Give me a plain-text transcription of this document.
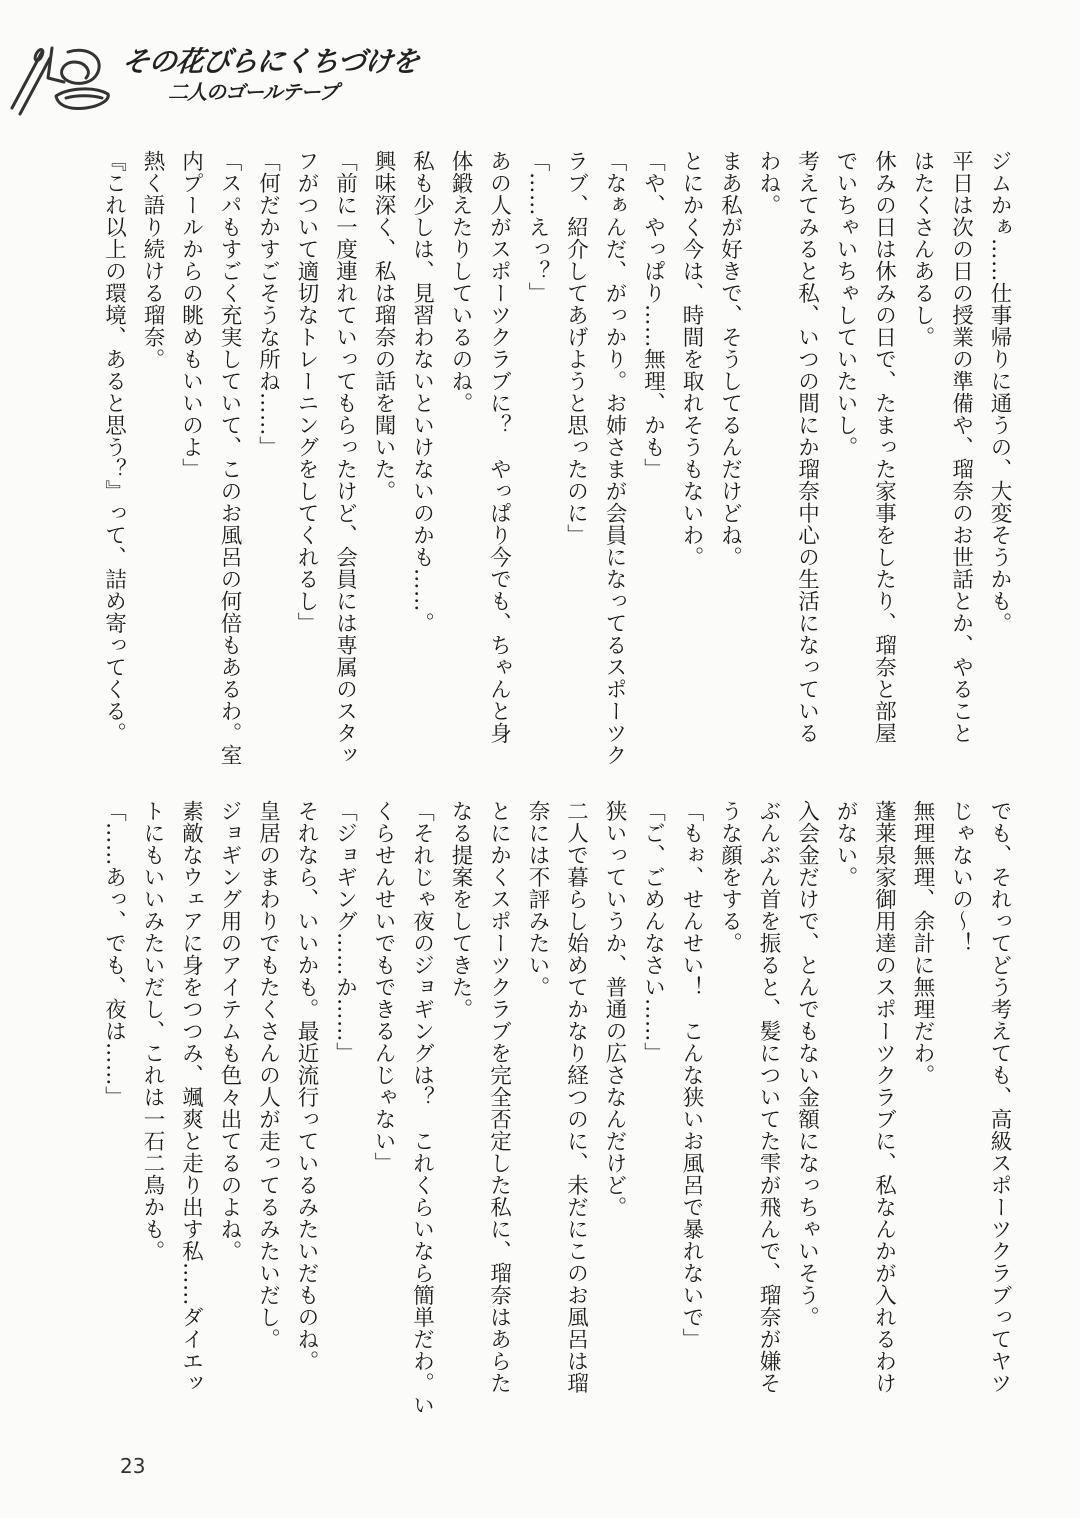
その花びらにくちづけを
二人のゴールテープ
ジムかぁ……仕事帰りに通うの、大変そうかも。
平日は次の日の授業の準備や、瑠奈のお世話とか、やること
はたくさんあるし。
休みの日は休みの日で、たまった家事をしたり、瑠奈と部屋
でいちゃいちゃしていたいし。
考えてみると私、いつの間にか瑠奈中心の生活になっている
わね。
まあ私が好きで、そうしてるんだけどね。
とにかく今は、時間を取れそうもないわ。
「や、やっぱり……無理、かも」
「なぁんだ、がっかり。お姉さまが会員になってるスポーツク
ラブ、紹介してあげようと思ったのに」
「……えっ？」
あの人がスポーツクラブに？　やっぱり今でも、ちゃんと身
体鍛えたりしているのね。
私も少しは、見習わないといけないのかも……。
興味深く、私は瑠奈の話を聞いた。
「前に一度連れていってもらったけど、会員には専属のスタッ
フがついて適切なトレーニングをしてくれるし」
「何だかすごそうな所ね……」
「スパもすごく充実していて、このお風呂の何倍もあるわ。室
内プールからの眺めもいいのよ」
熱く語り続ける瑠奈。
『これ以上の環境、あると思う？』って、詰め寄ってくる。
でも、それってどう考えても、高級スポーツクラブってヤツ
じゃないの～！
無理無理、余計に無理だわ。
蓬莱泉家御用達のスポーツクラブに、私なんかが入れるわけ
がない。
入会金だけで、とんでもない金額になっちゃいそう。
ぶんぶん首を振ると、髪についてた雫が飛んで、瑠奈が嫌そ
うな顔をする。
「もぉ、せんせい！　こんな狭いお風呂で暴れないで」
「ご、ごめんなさい……」
狭いっていうか、普通の広さなんだけど。
二人で暮らし始めてかなり経つのに、未だにこのお風呂は瑠
奈には不評みたい。
とにかくスポーツクラブを完全否定した私に、瑠奈はあらた
なる提案をしてきた。
「それじゃ夜のジョギングは？　これくらいなら簡単だわ。い
くらせんせいでもできるんじゃない」
「ジョギング……か……」
それなら、いいかも。最近流行っているみたいだものね。
皇居のまわりでもたくさんの人が走ってるみたいだし。
ジョギング用のアイテムも色々出てるのよね。
素敵なウェアに身をつつみ、颯爽と走り出す私……ダイエッ
トにもいいみたいだし、これは一石二鳥かも。
「……あっ、でも、夜は……」
23
